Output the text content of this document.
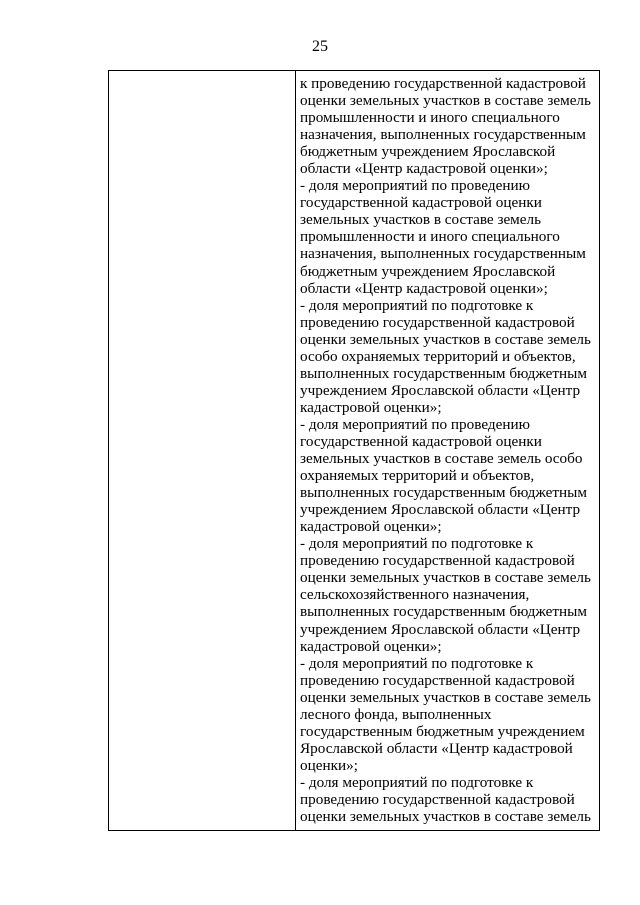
25

к проведению государственной кадастровой
оценки земельных участков в составе земель
промышленности и иного специального
назначения, выполненных государственным
бюджетным учреждением Ярославской
области «Центр кадастровой оценки»;
- доля мероприятий по проведению
государственной кадастровой оценки
земельных участков в составе земель
промышленности и иного специального
назначения, выполненных государственным
бюджетным учреждением Ярославской
области «Центр кадастровой оценки»;
- доля мероприятий по подготовке к
проведению государственной кадастровой
оценки земельных участков в составе земель
особо охраняемых территорий и объектов,
выполненных государственным бюджетным
учреждением Ярославской области «Центр
кадастровой оценки»;
- доля мероприятий по проведению
государственной кадастровой оценки
земельных участков в составе земель особо
охраняемых территорий и объектов,
выполненных государственным бюджетным
учреждением Ярославской области «Центр
кадастровой оценки»;
- доля мероприятий по подготовке к
проведению государственной кадастровой
оценки земельных участков в составе земель
сельскохозяйственного назначения,
выполненных государственным бюджетным
учреждением Ярославской области «Центр
кадастровой оценки»;
- доля мероприятий по подготовке к
проведению государственной кадастровой
оценки земельных участков в составе земель
лесного фонда, выполненных
государственным бюджетным учреждением
Ярославской области «Центр кадастровой
оценки»;
- доля мероприятий по подготовке к
проведению государственной кадастровой
оценки земельных участков в составе земель
